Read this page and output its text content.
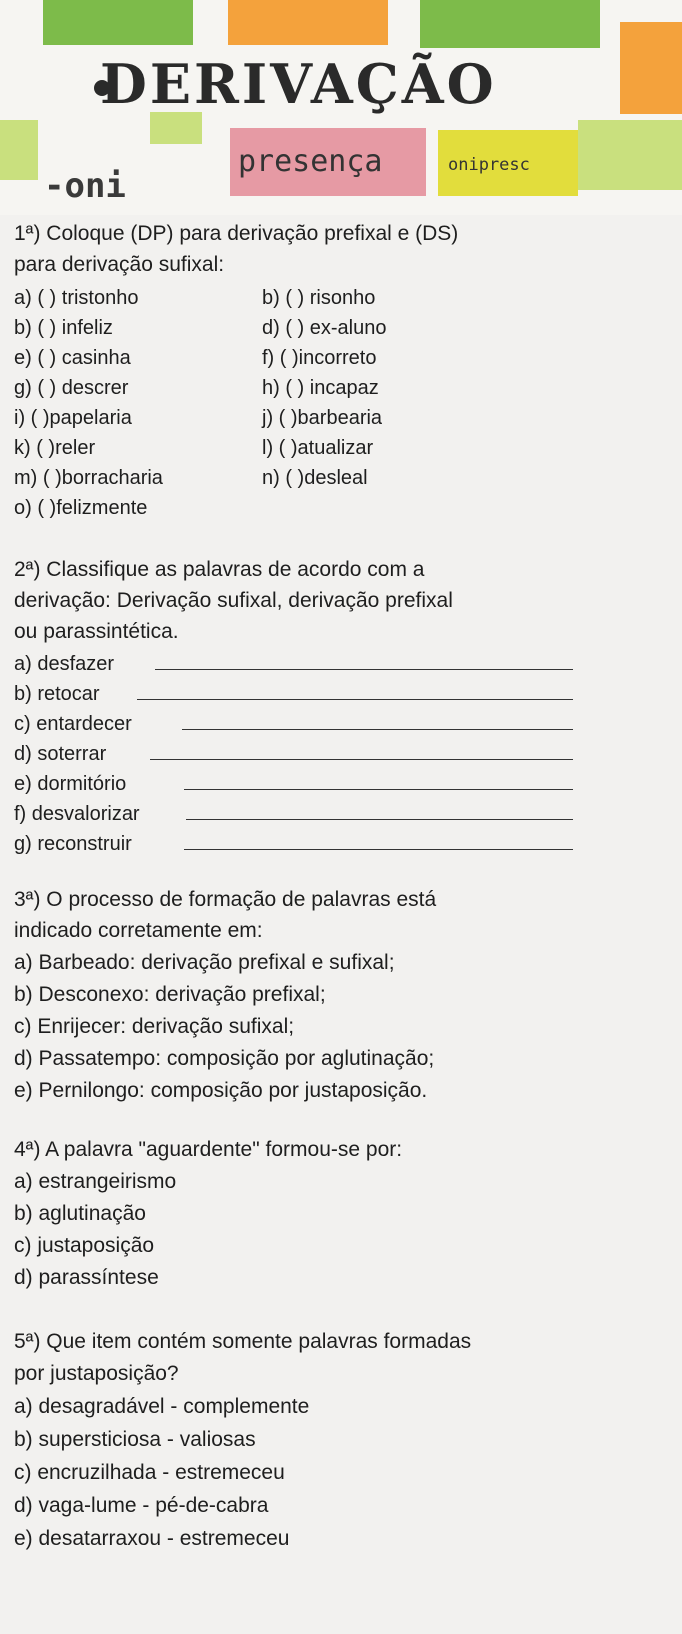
DERIVAÇÃO
-oni
presença	onipresc
1ª) Coloque (DP) para derivação prefixal e (DS)
para derivação sufixal:
a) ( ) tristonho
b) ( ) infeliz
e) ( ) casinha
g) ( ) descrer
i) ( )papelaria
k) ( )reler
m) ( )borracharia
o) ( )felizmente
b) ( ) risonho
d) ( ) ex-aluno
f) ( )incorreto
h) ( ) incapaz
j) ( )barbearia
l) ( )atualizar
n) ( )desleal
2ª) Classifique as palavras de acordo com a
derivação: Derivação sufixal, derivação prefixal
ou parassintética.
a) desfazer
b) retocar
c) entardecer
d) soterrar
e) dormitório
f) desvalorizar
g) reconstruir
3ª) O processo de formação de palavras está
indicado corretamente em:
a) Barbeado: derivação prefixal e sufixal;
b) Desconexo: derivação prefixal;
c) Enrijecer: derivação sufixal;
d) Passatempo: composição por aglutinação;
e) Pernilongo: composição por justaposição.
4ª) A palavra "aguardente" formou-se por:
a) estrangeirismo
b) aglutinação
c) justaposição
d) parassíntese
5ª) Que item contém somente palavras formadas
por justaposição?
a) desagradável - complemente
b) supersticiosa - valiosas
c) encruzilhada - estremeceu
d) vaga-lume - pé-de-cabra
e) desatarraxou - estremeceu
